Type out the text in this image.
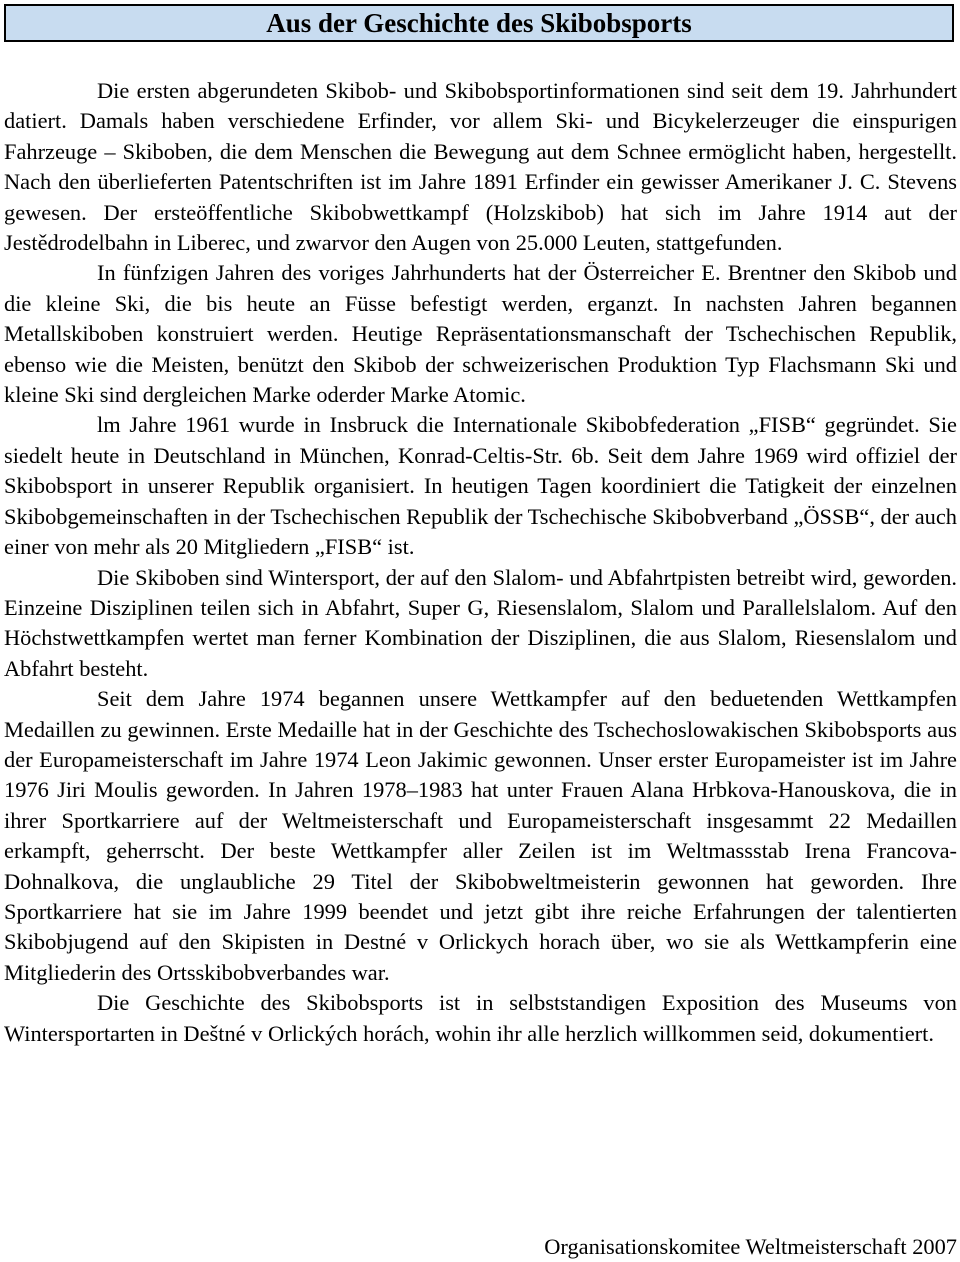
Aus der Geschichte des Skibobsports

Die ersten abgerundeten Skibob- und Skibobsportinformationen sind seit dem 19. Jahrhundert datiert. Damals haben verschiedene Erfinder, vor allem Ski- und Bicykelerzeuger die einspurigen Fahrzeuge – Skiboben, die dem Menschen die Bewegung aut dem Schnee ermöglicht haben, hergestellt. Nach den überlieferten Patentschriften ist im Jahre 1891 Erfinder ein gewisser Amerikaner J. C. Stevens gewesen. Der ersteöffentliche Skibobwettkampf (Holzskibob) hat sich im Jahre 1914 aut der Jestědrodelbahn in Liberec, und zwarvor den Augen von 25.000 Leuten, stattgefunden.

In fünfzigen Jahren des voriges Jahrhunderts hat der Österreicher E. Brentner den Skibob und die kleine Ski, die bis heute an Füsse befestigt werden, erganzt. In nachsten Jahren begannen Metallskiboben konstruiert werden. Heutige Repräsentationsmanschaft der Tschechischen Republik, ebenso wie die Meisten, benützt den Skibob der schweizerischen Produktion Typ Flachsmann Ski und kleine Ski sind dergleichen Marke oderder Marke Atomic.

lm Jahre 1961 wurde in Insbruck die Internationale Skibobfederation „FISB“ gegründet. Sie siedelt heute in Deutschland in München, Konrad-Celtis-Str. 6b. Seit dem Jahre 1969 wird offiziel der Skibobsport in unserer Republik organisiert. In heutigen Tagen koordiniert die Tatigkeit der einzelnen Skibobgemeinschaften in der Tschechischen Republik der Tschechische Skibobverband „ÖSSB“, der auch einer von mehr als 20 Mitgliedern „FISB“ ist.

Die Skiboben sind Wintersport, der auf den Slalom- und Abfahrtpisten betreibt wird, geworden. Einzeine Disziplinen teilen sich in Abfahrt, Super G, Riesenslalom, Slalom und Parallelslalom. Auf den Höchstwettkampfen wertet man ferner Kombination der Disziplinen, die aus Slalom, Riesenslalom und Abfahrt besteht.

Seit dem Jahre 1974 begannen unsere Wettkampfer auf den beduetenden Wettkampfen Medaillen zu gewinnen. Erste Medaille hat in der Geschichte des Tschechoslowakischen Skibobsports aus der Europameisterschaft im Jahre 1974 Leon Jakimic gewonnen. Unser erster Europameister ist im Jahre 1976 Jiri Moulis geworden. In Jahren 1978–1983 hat unter Frauen Alana Hrbkova-Hanouskova, die in ihrer Sportkarriere auf der Weltmeisterschaft und Europameisterschaft insgesammt 22 Medaillen erkampft, geherrscht. Der beste Wettkampfer aller Zeilen ist im Weltmassstab Irena Francova-Dohnalkova, die unglaubliche 29 Titel der Skibobweltmeisterin gewonnen hat geworden. Ihre Sportkarriere hat sie im Jahre 1999 beendet und jetzt gibt ihre reiche Erfahrungen der talentierten Skibobjugend auf den Skipisten in Destné v Orlickych horach über, wo sie als Wettkampferin eine Mitgliederin des Ortsskibobverbandes war.

Die Geschichte des Skibobsports ist in selbststandigen Exposition des Museums von Wintersportarten in Deštné v Orlických horách, wohin ihr alle herzlich willkommen seid, dokumentiert.

Organisationskomitee Weltmeisterschaft 2007
